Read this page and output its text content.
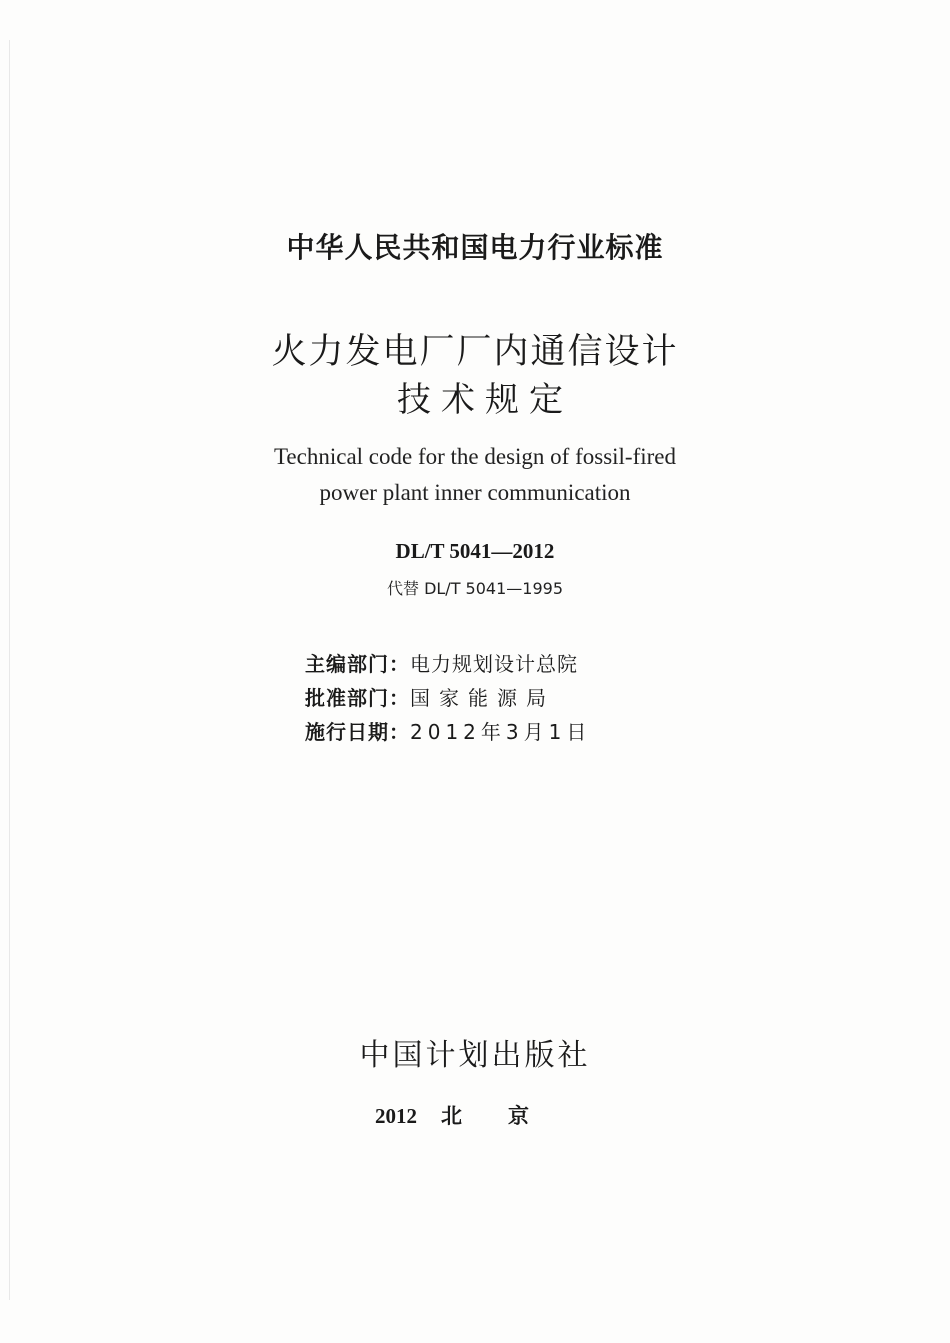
中华人民共和国电力行业标准
火力发电厂厂内通信设计
技术规定
Technical code for the design of fossil-fired
power plant inner communication
DL/T 5041—2012
代替 DL/T 5041—1995
主编部门：电力规划设计总院
批准部门：国家能源局
施行日期：2012年3月1日
中国计划出版社
2012 北京
